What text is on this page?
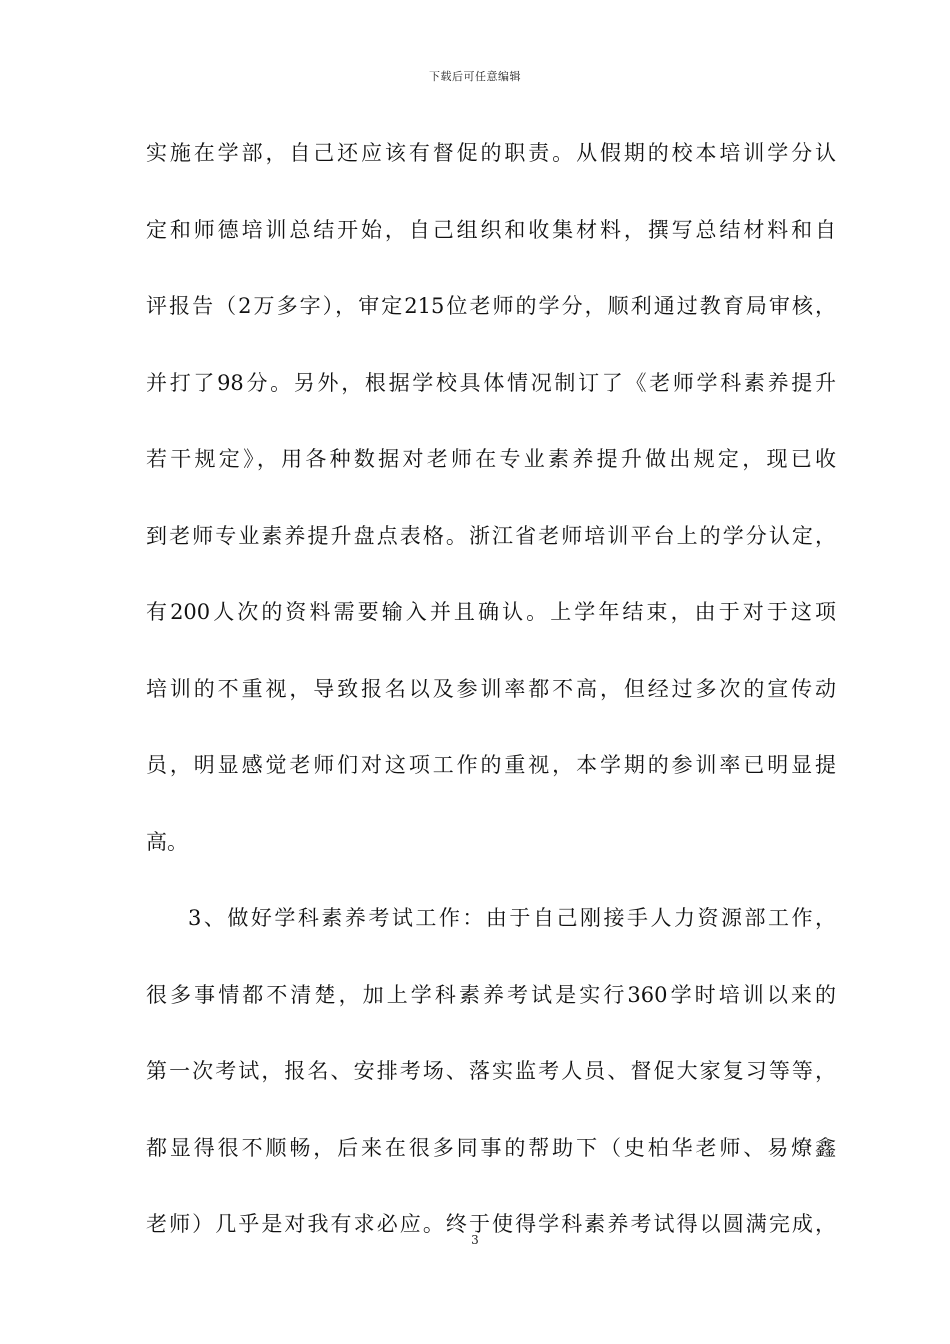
下载后可任意编辑
实施在学部，自己还应该有督促的职责。从假期的校本培训学分认
定和师德培训总结开始，自己组织和收集材料，撰写总结材料和自
评报告（2万多字），审定215位老师的学分，顺利通过教育局审核，
并打了98分。另外，根据学校具体情况制订了《老师学科素养提升
若干规定》，用各种数据对老师在专业素养提升做出规定，现已收
到老师专业素养提升盘点表格。浙江省老师培训平台上的学分认定，
有200人次的资料需要输入并且确认。上学年结束，由于对于这项
培训的不重视，导致报名以及参训率都不高，但经过多次的宣传动
员，明显感觉老师们对这项工作的重视，本学期的参训率已明显提
高。
3、做好学科素养考试工作：由于自己刚接手人力资源部工作，
很多事情都不清楚，加上学科素养考试是实行360学时培训以来的
第一次考试，报名、安排考场、落实监考人员、督促大家复习等等，
都显得很不顺畅，后来在很多同事的帮助下（史柏华老师、易燎鑫
老师）几乎是对我有求必应。终于使得学科素养考试得以圆满完成，
3
